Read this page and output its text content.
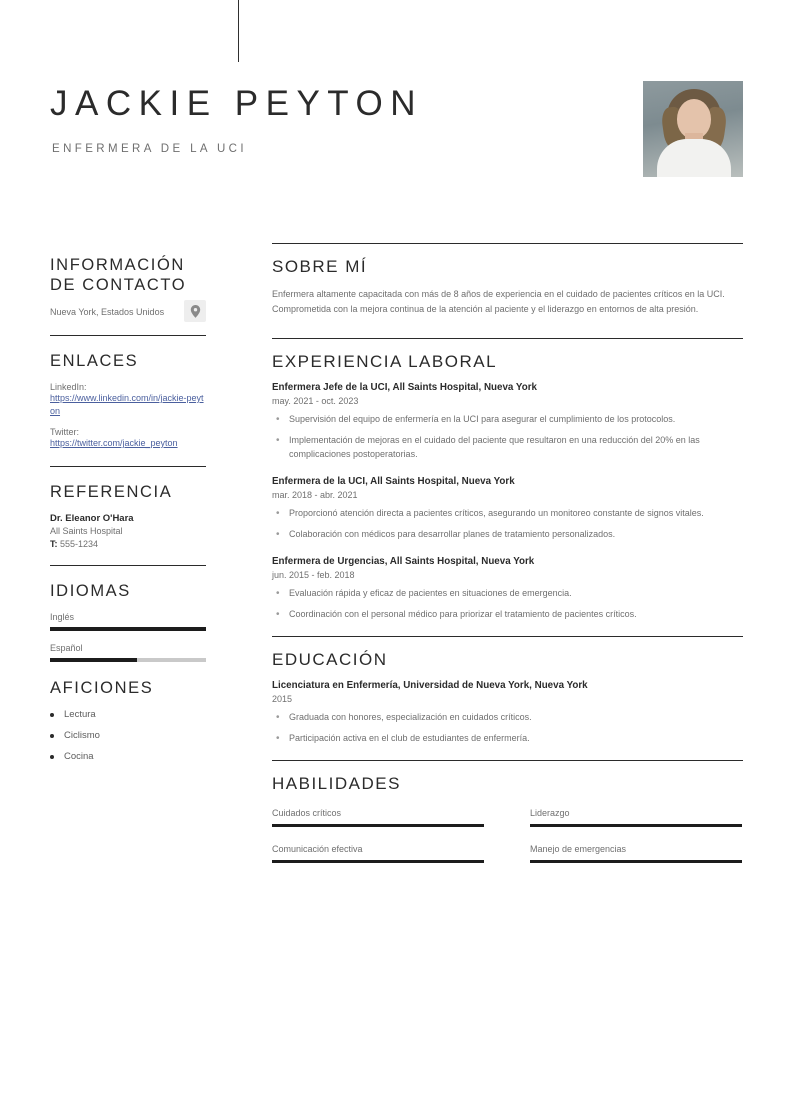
JACKIE PEYTON
ENFERMERA DE LA UCI
INFORMACIÓN
DE CONTACTO
Nueva York, Estados Unidos
ENLACES
LinkedIn:
https://www.linkedin.com/in/jackie-peyton
Twitter:
https://twitter.com/jackie_peyton
REFERENCIA
Dr. Eleanor O'Hara
All Saints Hospital
T: 555-1234
IDIOMAS
Inglés
Español
AFICIONES
Lectura
Ciclismo
Cocina
SOBRE MÍ
Enfermera altamente capacitada con más de 8 años de experiencia en el cuidado de pacientes críticos en la UCI. Comprometida con la mejora continua de la atención al paciente y el liderazgo en entornos de alta presión.
EXPERIENCIA LABORAL
Enfermera Jefe de la UCI, All Saints Hospital, Nueva York
may. 2021 - oct. 2023
• Supervisión del equipo de enfermería en la UCI para asegurar el cumplimiento de los protocolos.
• Implementación de mejoras en el cuidado del paciente que resultaron en una reducción del 20% en las complicaciones postoperatorias.
Enfermera de la UCI, All Saints Hospital, Nueva York
mar. 2018 - abr. 2021
• Proporcionó atención directa a pacientes críticos, asegurando un monitoreo constante de signos vitales.
• Colaboración con médicos para desarrollar planes de tratamiento personalizados.
Enfermera de Urgencias, All Saints Hospital, Nueva York
jun. 2015 - feb. 2018
• Evaluación rápida y eficaz de pacientes en situaciones de emergencia.
• Coordinación con el personal médico para priorizar el tratamiento de pacientes críticos.
EDUCACIÓN
Licenciatura en Enfermería, Universidad de Nueva York, Nueva York
2015
• Graduada con honores, especialización en cuidados críticos.
• Participación activa en el club de estudiantes de enfermería.
HABILIDADES
Cuidados críticos
Comunicación efectiva
Liderazgo
Manejo de emergencias
